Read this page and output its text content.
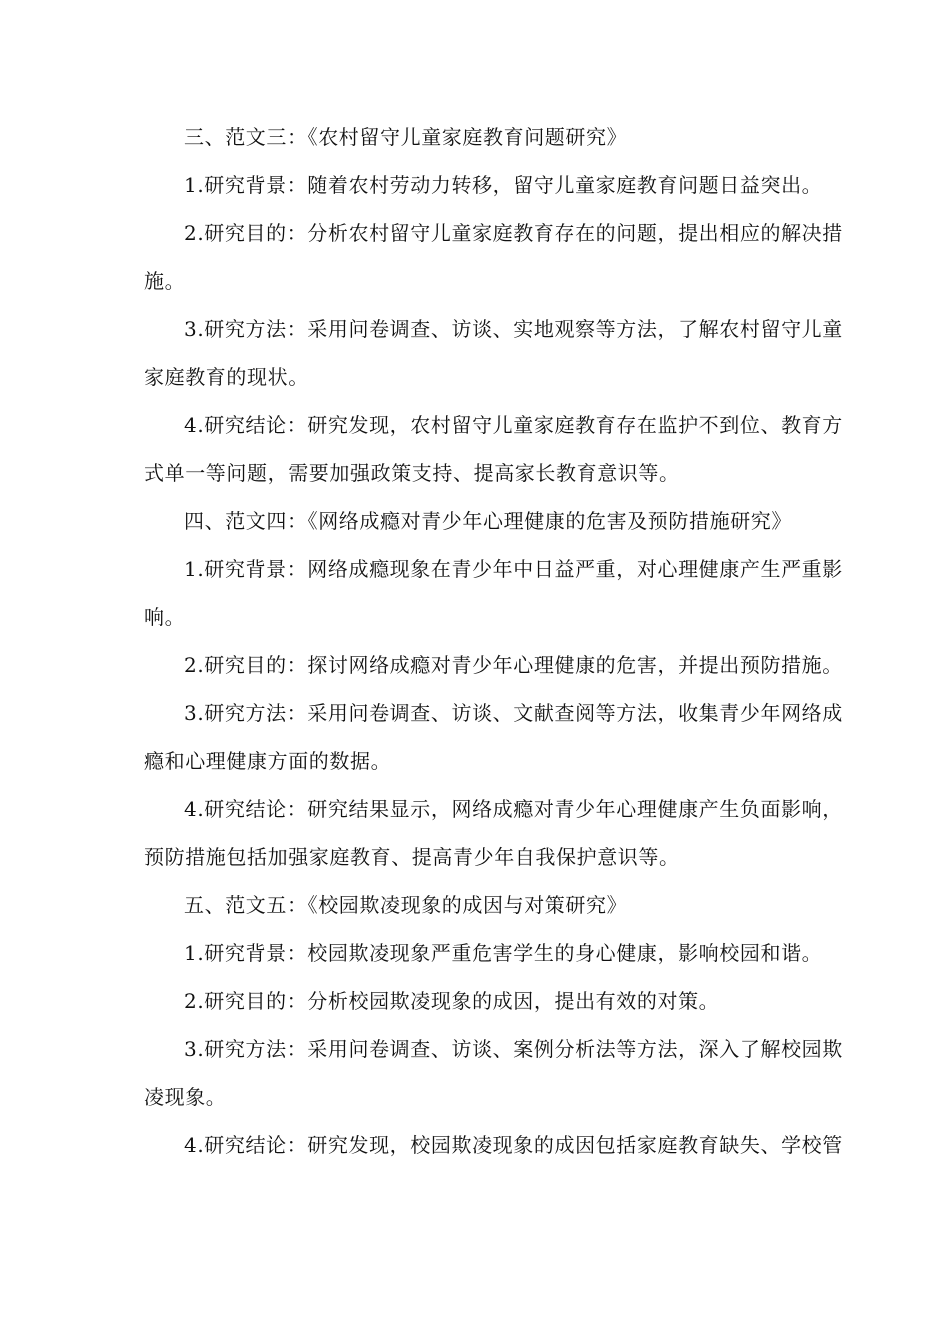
三、范文三：《农村留守儿童家庭教育问题研究》
1.研究背景：随着农村劳动力转移，留守儿童家庭教育问题日益突出。
2.研究目的：分析农村留守儿童家庭教育存在的问题，提出相应的解决措
施。
3.研究方法：采用问卷调查、访谈、实地观察等方法，了解农村留守儿童
家庭教育的现状。
4.研究结论：研究发现，农村留守儿童家庭教育存在监护不到位、教育方
式单一等问题，需要加强政策支持、提高家长教育意识等。
四、范文四：《网络成瘾对青少年心理健康的危害及预防措施研究》
1.研究背景：网络成瘾现象在青少年中日益严重，对心理健康产生严重影
响。
2.研究目的：探讨网络成瘾对青少年心理健康的危害，并提出预防措施。
3.研究方法：采用问卷调查、访谈、文献查阅等方法，收集青少年网络成
瘾和心理健康方面的数据。
4.研究结论：研究结果显示，网络成瘾对青少年心理健康产生负面影响，
预防措施包括加强家庭教育、提高青少年自我保护意识等。
五、范文五：《校园欺凌现象的成因与对策研究》
1.研究背景：校园欺凌现象严重危害学生的身心健康，影响校园和谐。
2.研究目的：分析校园欺凌现象的成因，提出有效的对策。
3.研究方法：采用问卷调查、访谈、案例分析法等方法，深入了解校园欺
凌现象。
4.研究结论：研究发现，校园欺凌现象的成因包括家庭教育缺失、学校管
